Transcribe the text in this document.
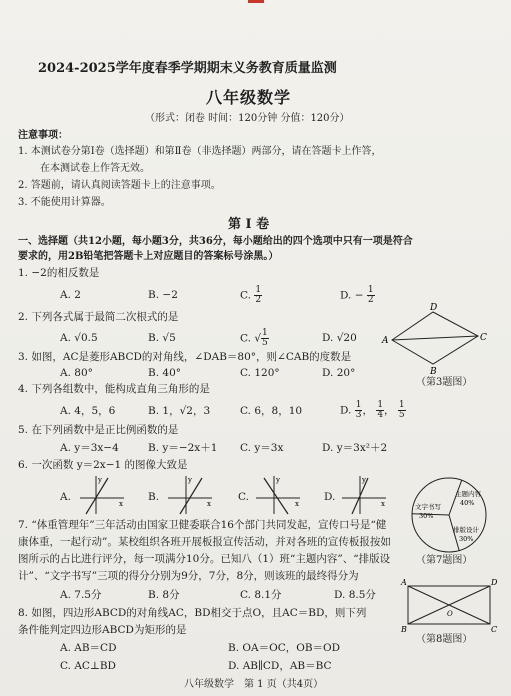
2024-2025学年度春季学期期末义务教育质量监测
八年级数学
（形式：闭卷 时间：120分钟 分值：120分）
注意事项：
1. 本测试卷分第Ⅰ卷（选择题）和第Ⅱ卷（非选择题）两部分，请在答题卡上作答，
在本测试卷上作答无效。
2. 答题前，请认真阅读答题卡上的注意事项。
3. 不能使用计算器。
第 I 卷
一、选择题（共12小题，每小题3分，共36分，每小题给出的四个选项中只有一项是符合
要求的，用2B铅笔把答题卡上对应题目的答案标号涂黑。）
1. −2的相反数是
A. 2	B. −2	C. $\frac{1}{2}$	D. − $\frac{1}{2}$
2. 下列各式属于最简二次根式的是
A. √0.5	B. √5	C. √ $\frac{1}{5}$	D. √20	A
D
C
B
（第3题图）
3. 如图，AC是菱形ABCD的对角线，∠DAB＝80°，则∠CAB的度数是
A. 80°	B. 40°	C. 120°	D. 20°
4. 下列各组数中，能构成直角三角形的是
A. 4，5，6	B. 1，√2，3	C. 6，8，10	D. $\frac{1}{3}$ ， $\frac{1}{4}$ ， $\frac{1}{5}$
5. 在下列函数中是正比例函数的是
A. y＝3x−4	B. y＝−2x＋1 C. y＝3x	D. y＝3x²＋2
6. 一次函数 y＝2x−1 的图像大致是
A.	B.	C.	D.
x
y
x
y
x
y
x
y
主题内容
40%
排版设计
30%
文字书写
30%
（第7题图）
7. “体重管理年”三年活动由国家卫健委联合16个部门共同发起，宣传口号是“健
康体重，一起行动”。某校组织各班开展板报宣传活动，并对各班的宣传板报按如
图所示的占比进行评分，每一项满分10分。已知八（1）班“主题内容”、“排版设
计”、“文字书写”三项的得分分别为9分，7分，8分，则该班的最终得分为
A. 7.5分	B. 8分	C. 8.1分	D. 8.5分
8. 如图，四边形ABCD的对角线AC，BD相交于点O，且AC＝BD，则下列
条件能判定四边形ABCD为矩形的是
A. AB＝CD	B. OA＝OC，OB＝OD
C. AC⊥BD	D. AB∥CD，AB＝BC
A	D
B	C
O
（第8题图）
八年级数学　第 1 页（共4页）
